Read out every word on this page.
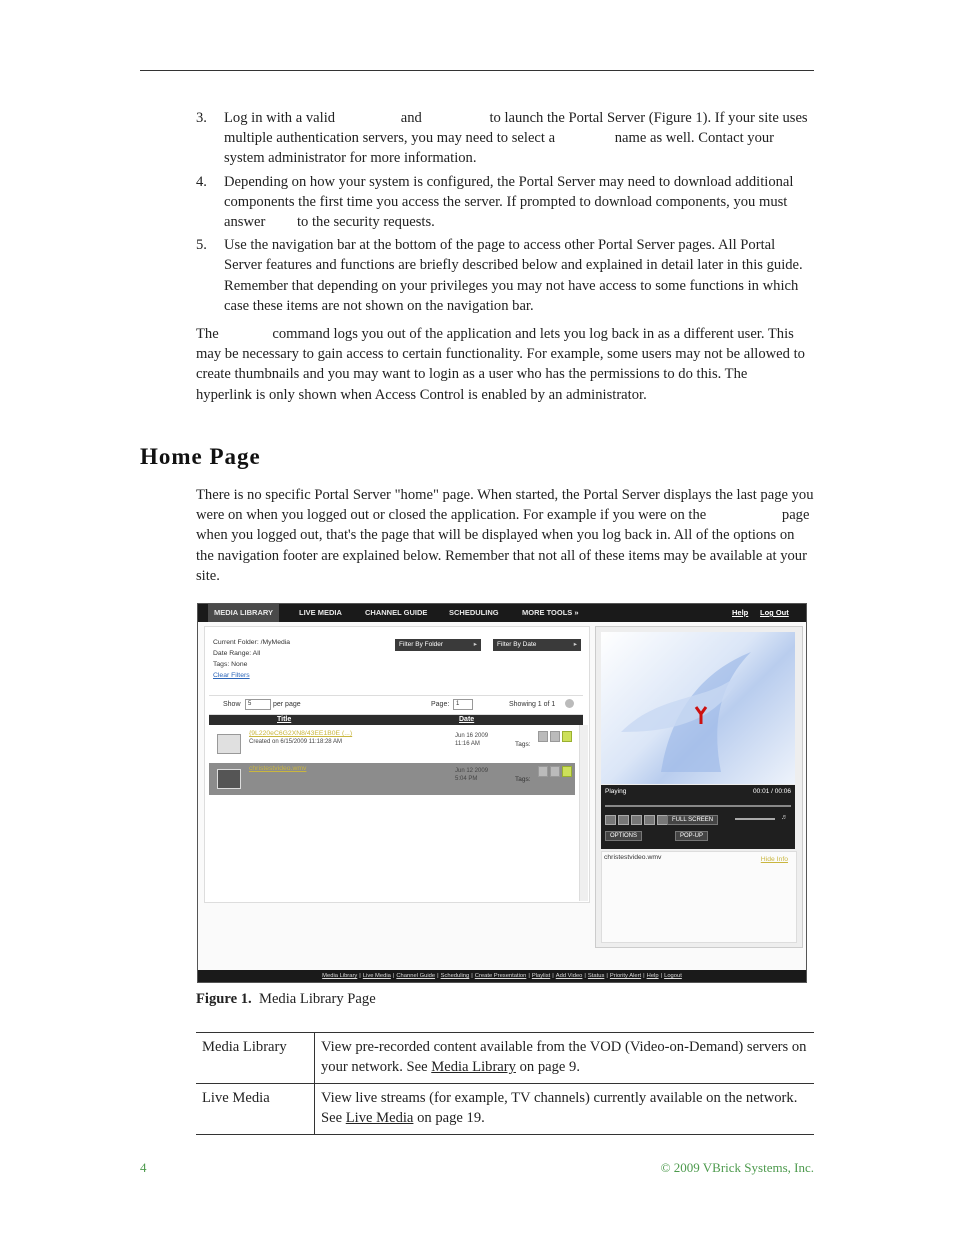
3. Log in with a valid	and	to launch the Portal Server (Figure 1). If your site uses multiple authentication servers, you may need to select a	name as well. Contact your system administrator for more information.
4. Depending on how your system is configured, the Portal Server may need to download additional components the first time you access the server. If prompted to download components, you must answer to the security requests.
5. Use the navigation bar at the bottom of the page to access other Portal Server pages. All Portal Server features and functions are briefly described below and explained in detail later in this guide. Remember that depending on your privileges you may not have access to some functions in which case these items are not shown on the navigation bar.
The	command logs you out of the application and lets you log back in as a different user. This may be necessary to gain access to certain functionality. For example, some users may not be allowed to create thumbnails and you may want to login as a user who has the permissions to do this. The hyperlink is only shown when Access Control is enabled by an administrator.
Home Page
There is no specific Portal Server "home" page. When started, the Portal Server displays the last page you were on when you logged out or closed the application. For example if you were on the	page when you logged out, that's the page that will be displayed when you log back in. All of the options on the navigation footer are explained below. Remember that not all of these items may be available at your site.
MEDIA LIBRARY	LIVE MEDIA	CHANNEL GUIDE	SCHEDULING	MORE TOOLS »	Help Log Out
Current Folder: /MyMedia
Date Range: All
Tags: None
Clear Filters
Filter By Folder ▸	Filter By Date ▸
Show	5	per page	Page:	1	Showing 1 of 1
Title	Date
{9L220eC6G2XN8/43EE1B0E (...)
Created on 6/15/2009 11:18:28 AM
Jun 16 2009
11:16 AM	Tags:
christestvideo.wmv	Jun 12 2009
5:04 PM	Tags:
Playing	00:01 / 00:06
FULL SCREEN
OPTIONS	POP-UP
♬
christestvideo.wmv	Hide Info
Media Library | Live Media | Channel Guide | Scheduling | Create Presentation | Playlist | Add Video | Status | Priority Alert | Help | Logout
Figure 1. Media Library Page
Media Library	View pre-recorded content available from the VOD (Video-on-Demand) servers on your network. See Media Library on page 9.
Live Media	View live streams (for example, TV channels) currently available on the network. See Live Media on page 19.
4	© 2009 VBrick Systems, Inc.
